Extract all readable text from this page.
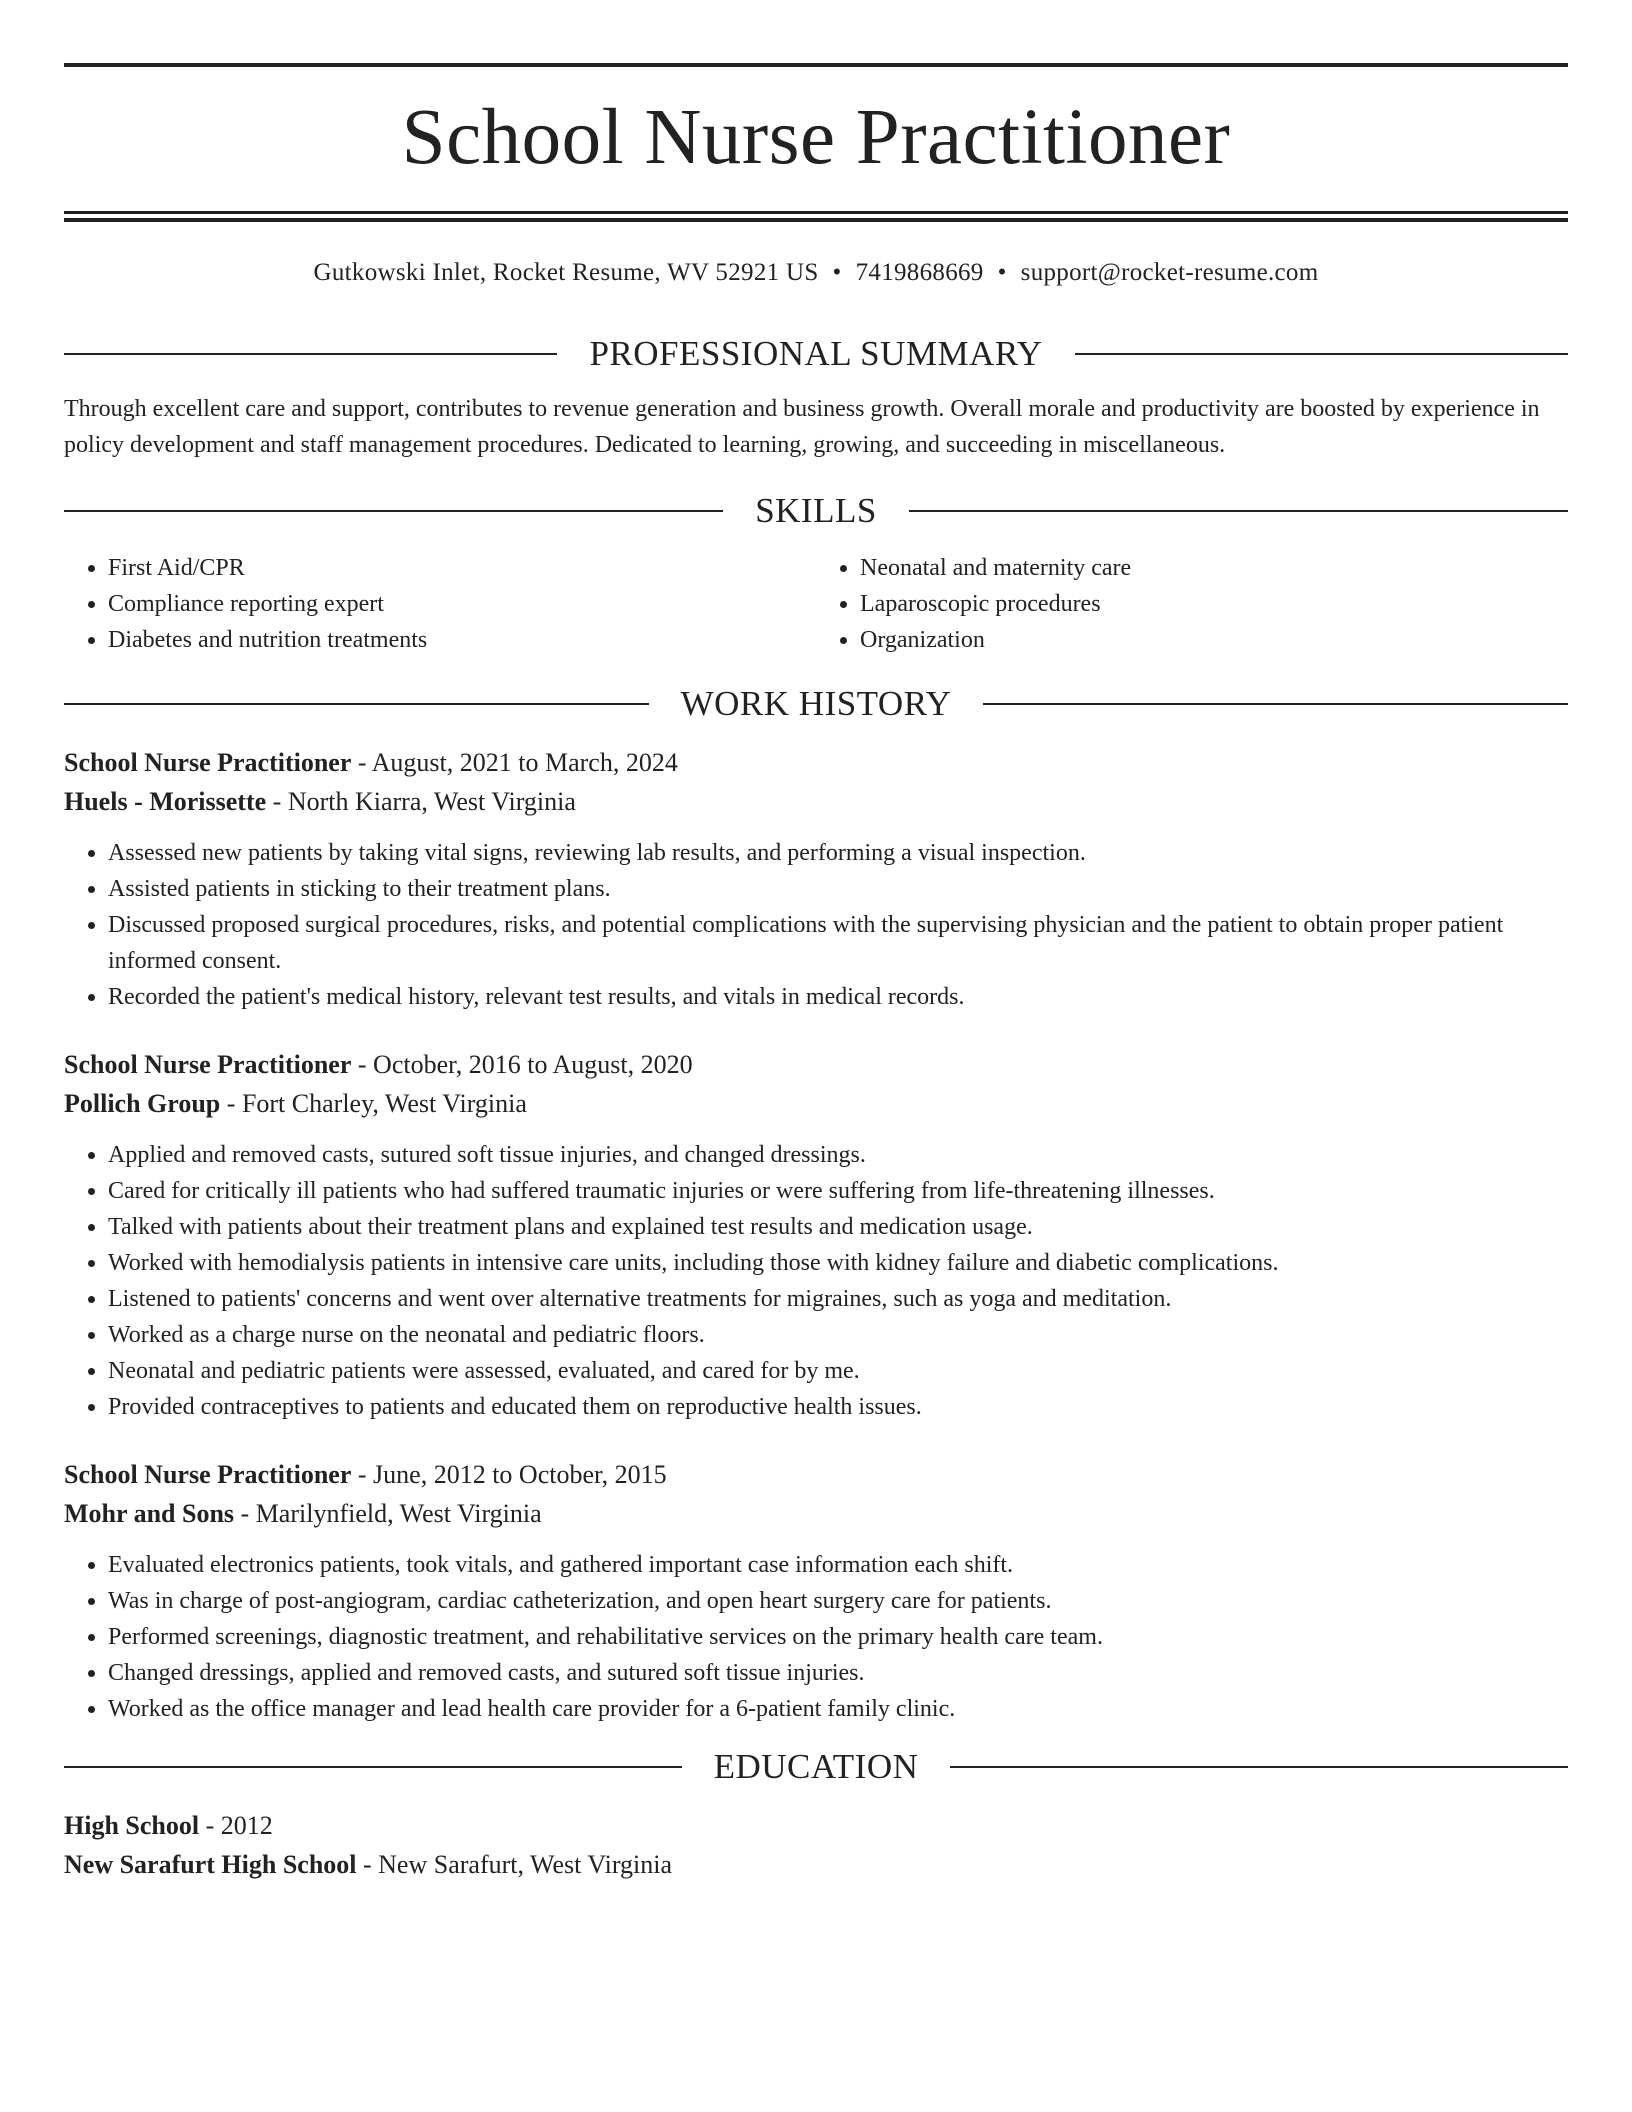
School Nurse Practitioner
Gutkowski Inlet, Rocket Resume, WV 52921 US • 7419868669 • support@rocket-resume.com
PROFESSIONAL SUMMARY

Through excellent care and support, contributes to revenue generation and business growth. Overall morale and productivity are boosted by experience in policy development and staff management procedures. Dedicated to learning, growing, and succeeding in miscellaneous.

SKILLS
• First Aid/CPR
• Compliance reporting expert
• Diabetes and nutrition treatments
• Neonatal and maternity care
• Laparoscopic procedures
• Organization
WORK HISTORY
School Nurse Practitioner - August, 2021 to March, 2024
Huels - Morissette - North Kiarra, West Virginia
• Assessed new patients by taking vital signs, reviewing lab results, and performing a visual inspection.
• Assisted patients in sticking to their treatment plans.
• Discussed proposed surgical procedures, risks, and potential complications with the supervising physician and the patient to obtain proper patient informed consent.
• Recorded the patient's medical history, relevant test results, and vitals in medical records.
School Nurse Practitioner - October, 2016 to August, 2020
Pollich Group - Fort Charley, West Virginia
• Applied and removed casts, sutured soft tissue injuries, and changed dressings.
• Cared for critically ill patients who had suffered traumatic injuries or were suffering from life-threatening illnesses.
• Talked with patients about their treatment plans and explained test results and medication usage.
• Worked with hemodialysis patients in intensive care units, including those with kidney failure and diabetic complications.
• Listened to patients' concerns and went over alternative treatments for migraines, such as yoga and meditation.
• Worked as a charge nurse on the neonatal and pediatric floors.
• Neonatal and pediatric patients were assessed, evaluated, and cared for by me.
• Provided contraceptives to patients and educated them on reproductive health issues.
School Nurse Practitioner - June, 2012 to October, 2015
Mohr and Sons - Marilynfield, West Virginia
• Evaluated electronics patients, took vitals, and gathered important case information each shift.
• Was in charge of post-angiogram, cardiac catheterization, and open heart surgery care for patients.
• Performed screenings, diagnostic treatment, and rehabilitative services on the primary health care team.
• Changed dressings, applied and removed casts, and sutured soft tissue injuries.
• Worked as the office manager and lead health care provider for a 6-patient family clinic.
EDUCATION
High School - 2012
New Sarafurt High School - New Sarafurt, West Virginia
